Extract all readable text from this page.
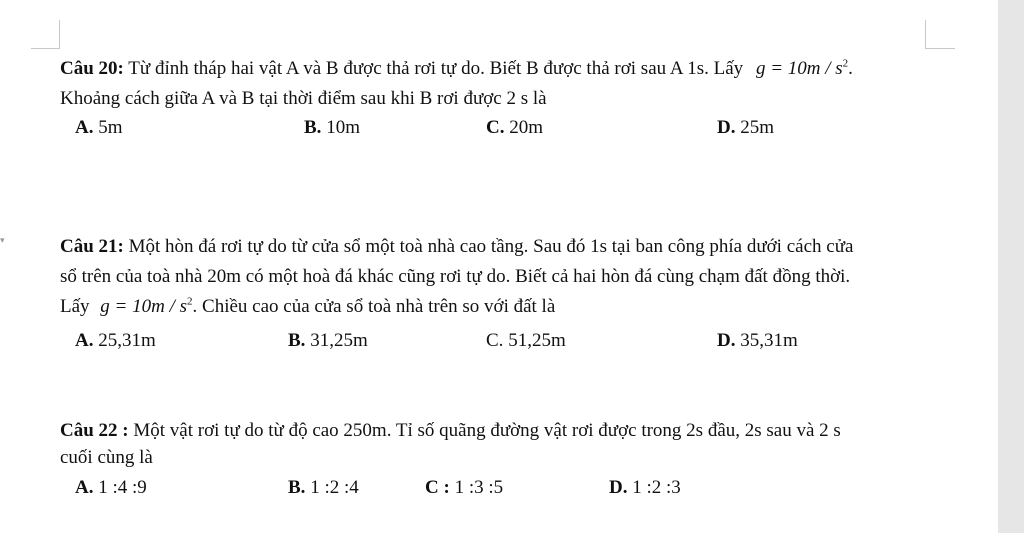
▾
Câu 20: Từ đỉnh tháp hai vật A và B được thả rơi tự do. Biết B được thả rơi sau A 1s. Lấy $g = 10m / s^2$.
Khoảng cách giữa A và B tại thời điểm sau khi B rơi được 2 s là
A. 5m	B. 10m	C. 20m	D. 25m
Câu 21: Một hòn đá rơi tự do từ cửa sổ một toà nhà cao tầng. Sau đó 1s tại ban công phía dưới cách cửa
sổ trên của toà nhà 20m có một hoà đá khác cũng rơi tự do. Biết cả hai hòn đá cùng chạm đất đồng thời.
Lấy $g = 10m / s^2$. Chiều cao của cửa sổ toà nhà trên so với đất là
A. 25,31m	B. 31,25m	C. 51,25m	D. 35,31m
Câu 22 : Một vật rơi tự do từ độ cao 250m. Tỉ số quãng đường vật rơi được trong 2s đầu, 2s sau và 2 s
cuối cùng là
A. 1 :4 :9	B. 1 :2 :4	C : 1 :3 :5	D. 1 :2 :3
